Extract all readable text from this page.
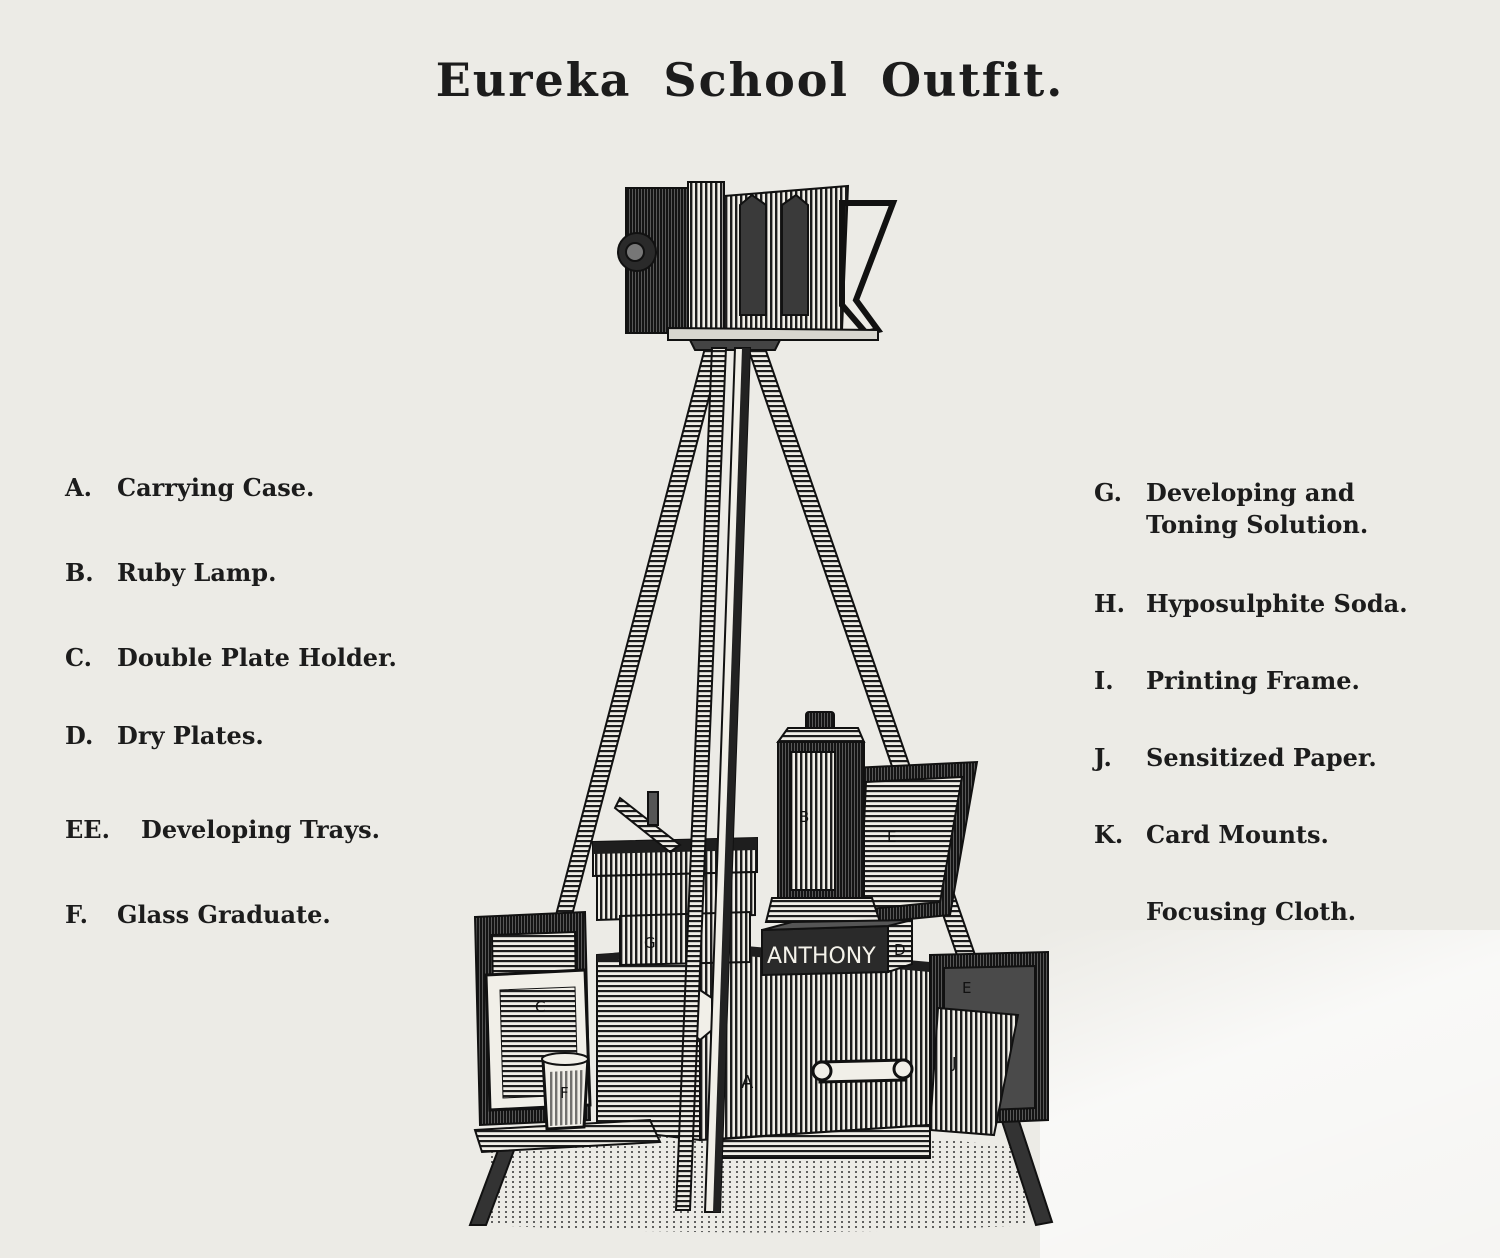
Eureka School Outfit.
A. Carrying Case.
B. Ruby Lamp.
C. Double Plate Holder.
D. Dry Plates.
EE. Developing Trays.
F. Glass Graduate.
G. Developing and Toning Solution.
H. Hyposulphite Soda.
I. Printing Frame.
J. Sensitized Paper.
K. Card Mounts.
Focusing Cloth.
ANTHONY D
A
B
E
E
C
F
G
J
